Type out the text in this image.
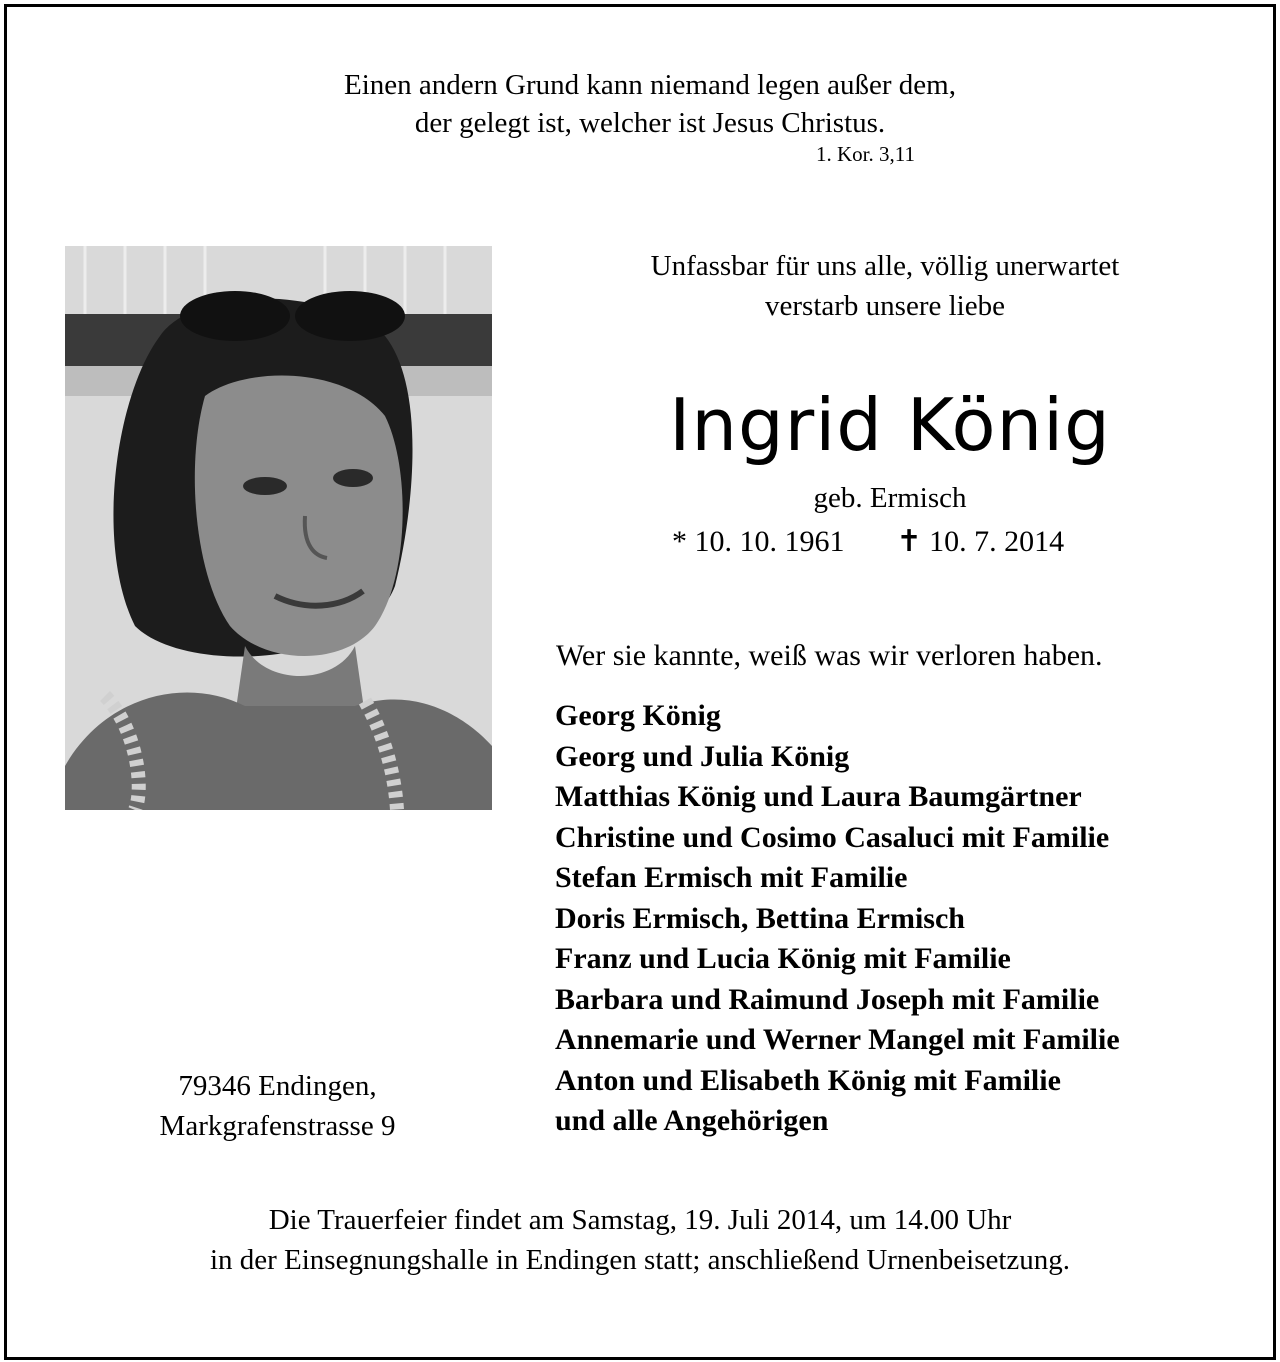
Einen andern Grund kann niemand legen außer dem,
der gelegt ist, welcher ist Jesus Christus.
1. Kor. 3,11
Unfassbar für uns alle, völlig unerwartet
verstarb unsere liebe
Ingrid König
geb. Ermisch
* 10. 10. 1961 ✝ 10. 7. 2014
Wer sie kannte, weiß was wir verloren haben.
Georg König
Georg und Julia König
Matthias König und Laura Baumgärtner
Christine und Cosimo Casaluci mit Familie
Stefan Ermisch mit Familie
Doris Ermisch, Bettina Ermisch
Franz und Lucia König mit Familie
Barbara und Raimund Joseph mit Familie
Annemarie und Werner Mangel mit Familie
Anton und Elisabeth König mit Familie
und alle Angehörigen
79346 Endingen,
Markgrafenstrasse 9
Die Trauerfeier findet am Samstag, 19. Juli 2014, um 14.00 Uhr
in der Einsegnungshalle in Endingen statt; anschließend Urnenbeisetzung.
